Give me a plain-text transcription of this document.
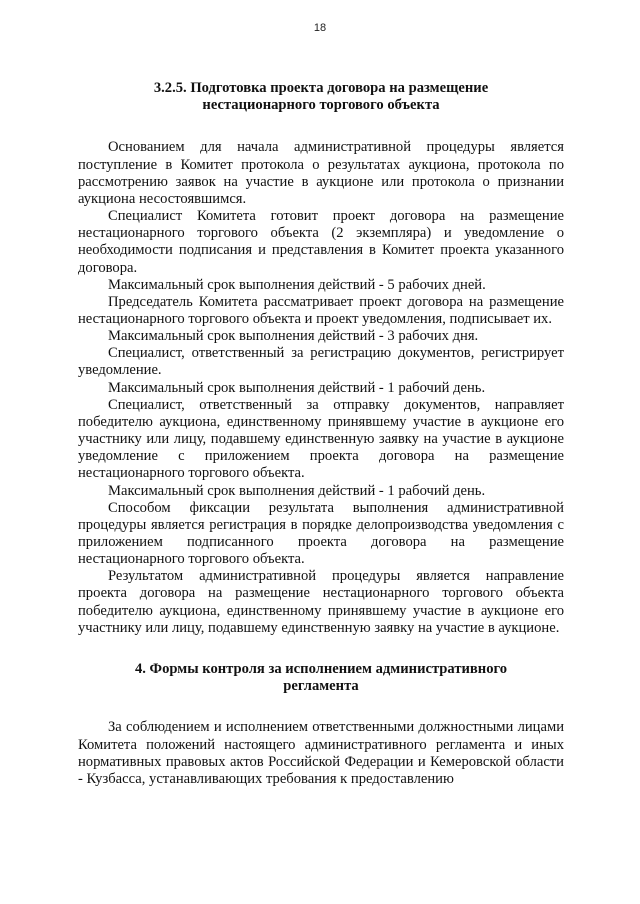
18
3.2.5. Подготовка проекта договора на размещение
нестационарного торгового объекта

Основанием для начала административной процедуры является поступление в Комитет протокола о результатах аукциона, протокола по рассмотрению заявок на участие в аукционе или протокола о признании аукциона несостоявшимся.

Специалист Комитета готовит проект договора на размещение нестационарного торгового объекта (2 экземпляра) и уведомление о необходимости подписания и представления в Комитет проекта указанного договора.

Максимальный срок выполнения действий - 5 рабочих дней.

Председатель Комитета рассматривает проект договора на размещение нестационарного торгового объекта и проект уведомления, подписывает их.

Максимальный срок выполнения действий - 3 рабочих дня.

Специалист, ответственный за регистрацию документов, регистрирует уведомление.

Максимальный срок выполнения действий - 1 рабочий день.

Специалист, ответственный за отправку документов, направляет победителю аукциона, единственному принявшему участие в аукционе его участнику или лицу, подавшему единственную заявку на участие в аукционе уведомление с приложением проекта договора на размещение нестационарного торгового объекта.

Максимальный срок выполнения действий - 1 рабочий день.

Способом фиксации результата выполнения административной процедуры является регистрация в порядке делопроизводства уведомления с приложением подписанного проекта договора на размещение нестационарного торгового объекта.

Результатом административной процедуры является направление проекта договора на размещение нестационарного торгового объекта победителю аукциона, единственному принявшему участие в аукционе его участнику или лицу, подавшему единственную заявку на участие в аукционе.

4. Формы контроля за исполнением административного
регламента

За соблюдением и исполнением ответственными должностными лицами Комитета положений настоящего административного регламента и иных нормативных правовых актов Российской Федерации и Кемеровской области - Кузбасса, устанавливающих требования к предоставлению
